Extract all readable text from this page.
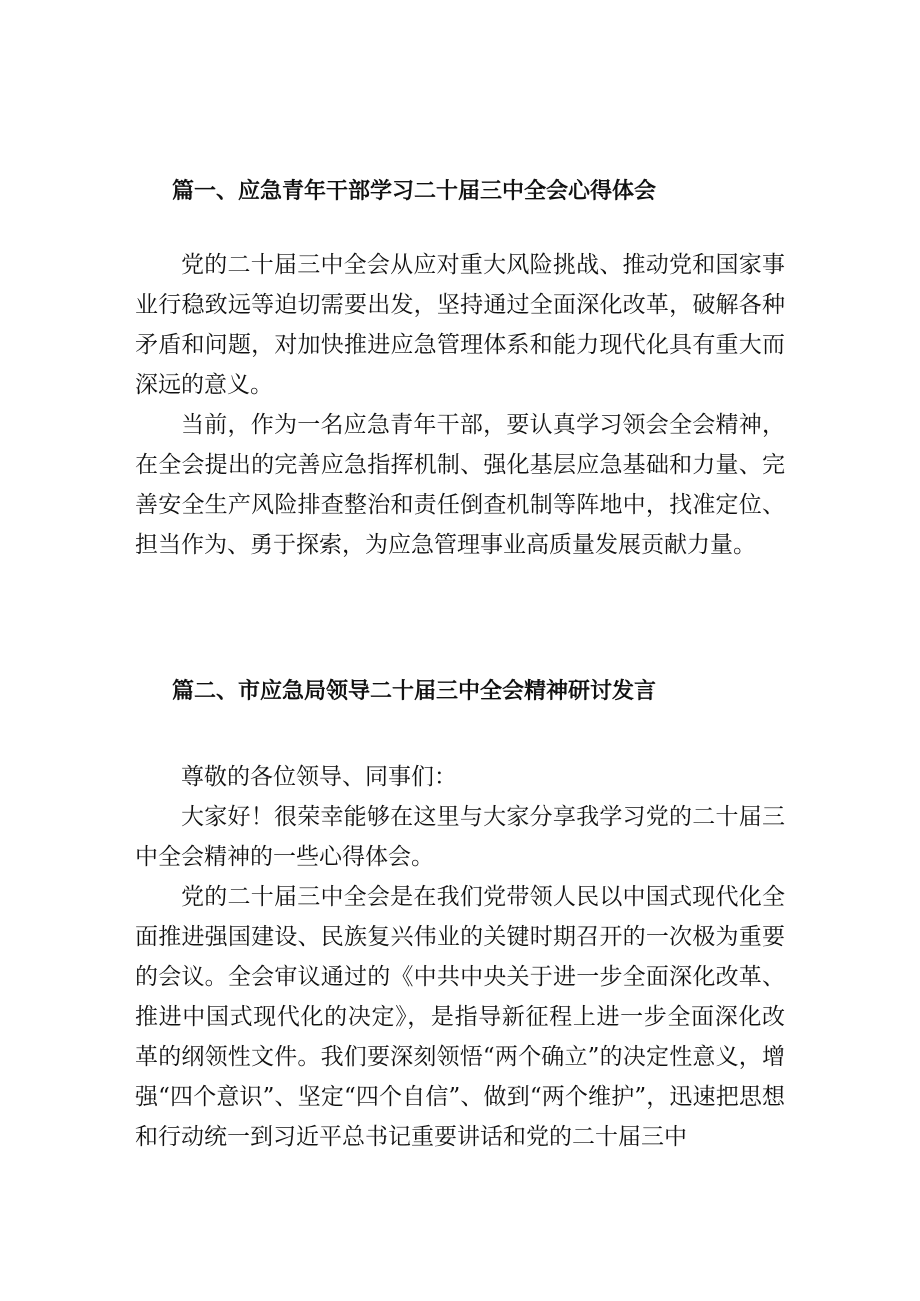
篇一、应急青年干部学习二十届三中全会心得体会

党的二十届三中全会从应对重大风险挑战、推动党和国家事业行稳致远等迫切需要出发，坚持通过全面深化改革，破解各种矛盾和问题，对加快推进应急管理体系和能力现代化具有重大而深远的意义。

当前，作为一名应急青年干部，要认真学习领会全会精神，在全会提出的完善应急指挥机制、强化基层应急基础和力量、完善安全生产风险排查整治和责任倒查机制等阵地中，找准定位、担当作为、勇于探索，为应急管理事业高质量发展贡献力量。

篇二、市应急局领导二十届三中全会精神研讨发言

尊敬的各位领导、同事们：

大家好！很荣幸能够在这里与大家分享我学习党的二十届三中全会精神的一些心得体会。

党的二十届三中全会是在我们党带领人民以中国式现代化全面推进强国建设、民族复兴伟业的关键时期召开的一次极为重要的会议。全会审议通过的《中共中央关于进一步全面深化改革、推进中国式现代化的决定》，是指导新征程上进一步全面深化改革的纲领性文件。我们要深刻领悟“两个确立”的决定性意义，增强“四个意识”、坚定“四个自信”、做到“两个维护”，迅速把思想和行动统一到习近平总书记重要讲话和党的二十届三中
